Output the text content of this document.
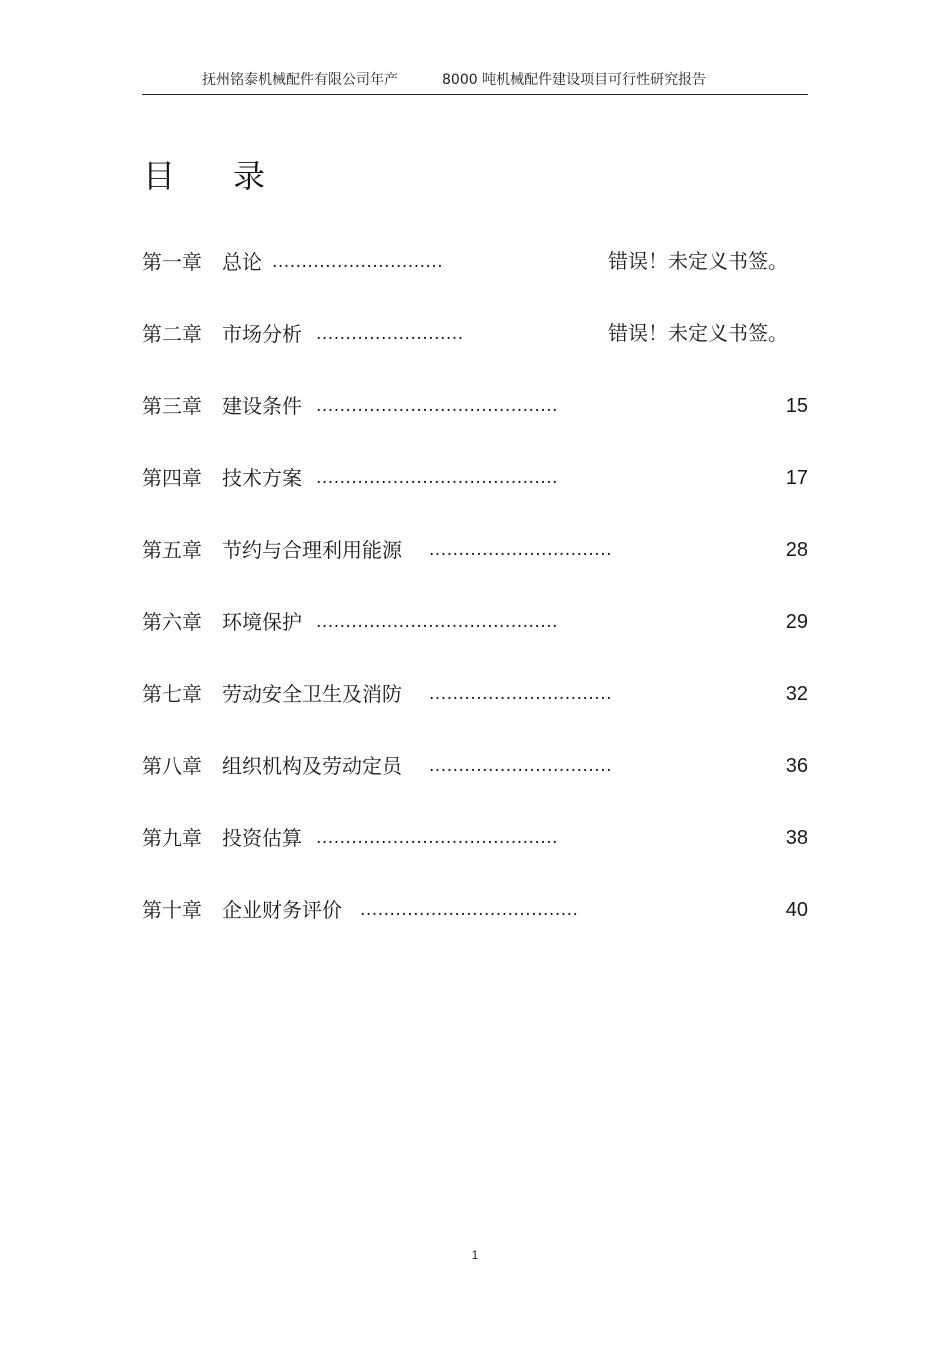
抚州铭泰机械配件有限公司年产	8000 吨机械配件建设项目可行性研究报告
目	录
第一章 总论 .............................	错误！未定义书签。
第二章 市场分析 .........................	错误！未定义书签。
第三章 建设条件 .........................................	15
第四章 技术方案 .........................................	17
第五章 节约与合理利用能源 ...............................	28
第六章 环境保护 .........................................	29
第七章 劳动安全卫生及消防 ...............................	32
第八章 组织机构及劳动定员 ...............................	36
第九章 投资估算 .........................................	38
第十章 企业财务评价 .....................................	40
1
